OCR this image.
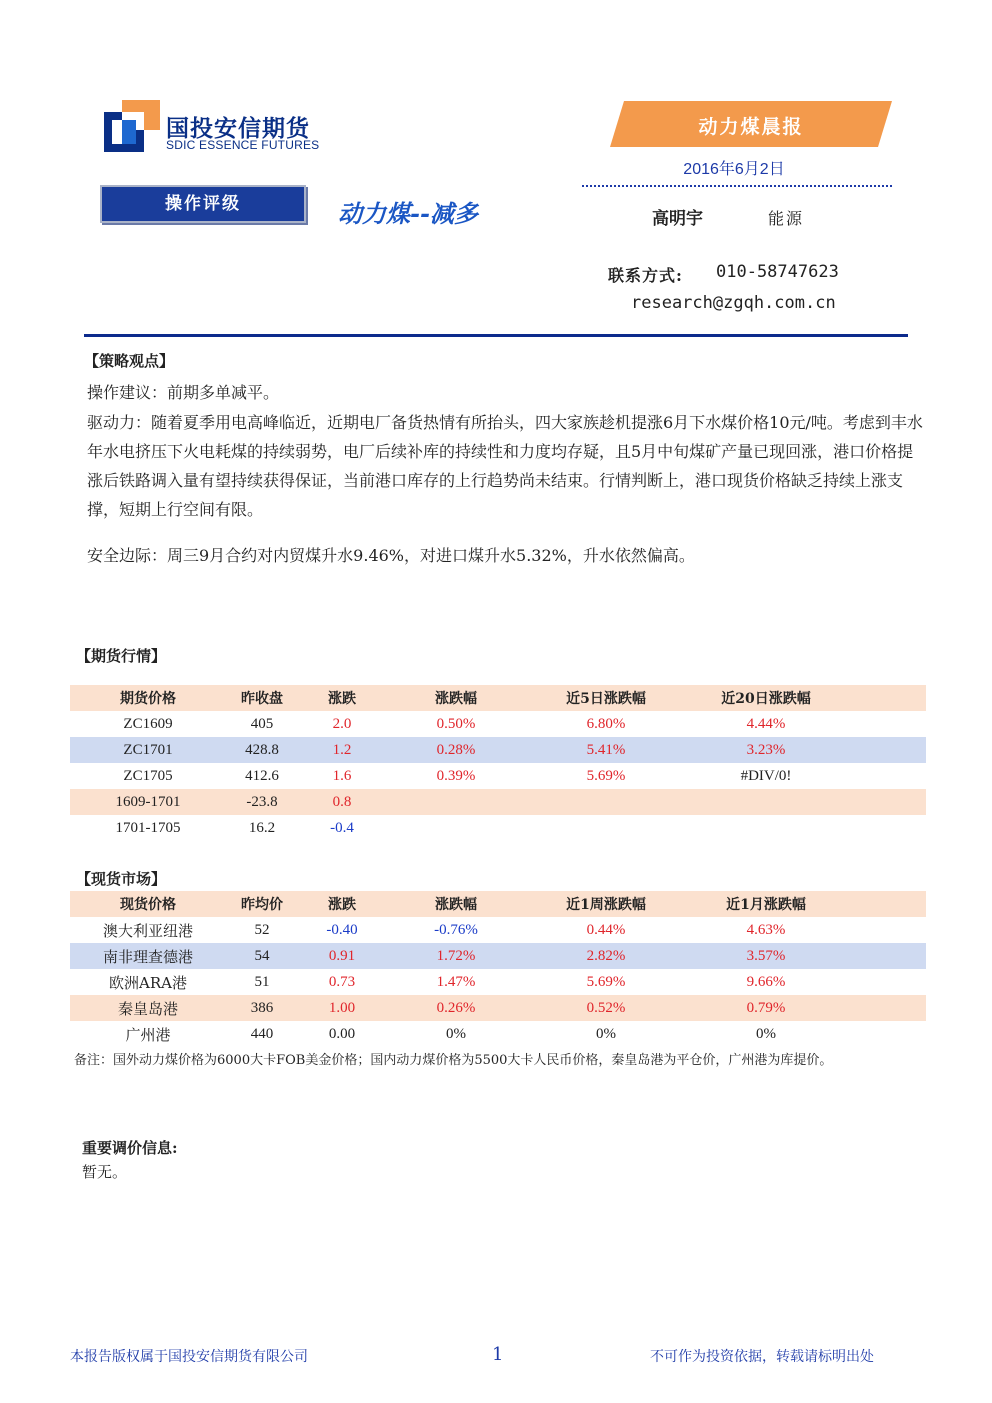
国投安信期货
SDIC ESSENCE FUTURES
动力煤晨报
2016年6月2日
操作评级	动力煤--减多	高明宇	能源
联系方式: 010-58747623
research@zgqh.com.cn
【策略观点】
操作建议：前期多单减平。
驱动力：随着夏季用电高峰临近，近期电厂备货热情有所抬头，四大家族趁机提涨6月下水煤价格10元/吨。考虑到丰水年水电挤压下火电耗煤的持续弱势，电厂后续补库的持续性和力度均存疑，且5月中旬煤矿产量已现回涨，港口价格提涨后铁路调入量有望持续获得保证，当前港口库存的上行趋势尚未结束。行情判断上，港口现货价格缺乏持续上涨支撑，短期上行空间有限。
安全边际：周三9月合约对内贸煤升水9.46%，对进口煤升水5.32%，升水依然偏高。
【期货行情】
期货价格	昨收盘	涨跌	涨跌幅	近5日涨跌幅	近20日涨跌幅	
ZC1609	405	2.0	0.50%	6.80%	4.44%	
ZC1701	428.8	1.2	0.28%	5.41%	3.23%	
ZC1705	412.6	1.6	0.39%	5.69%	#DIV/0!	
1609-1701	-23.8	0.8				
1701-1705	16.2	-0.4				
【现货市场】
现货价格	昨均价	涨跌	涨跌幅	近1周涨跌幅	近1月涨跌幅	
澳大利亚纽港	52	-0.40	-0.76%	0.44%	4.63%	
南非理查德港	54	0.91	1.72%	2.82%	3.57%	
欧洲ARA港	51	0.73	1.47%	5.69%	9.66%	
秦皇岛港	386	1.00	0.26%	0.52%	0.79%	
广州港	440	0.00	0%	0%	0%	
备注：国外动力煤价格为6000大卡FOB美金价格；国内动力煤价格为5500大卡人民币价格，秦皇岛港为平仓价，广州港为库提价。
重要调价信息:
暂无。
本报告版权属于国投安信期货有限公司	1	不可作为投资依据，转载请标明出处
